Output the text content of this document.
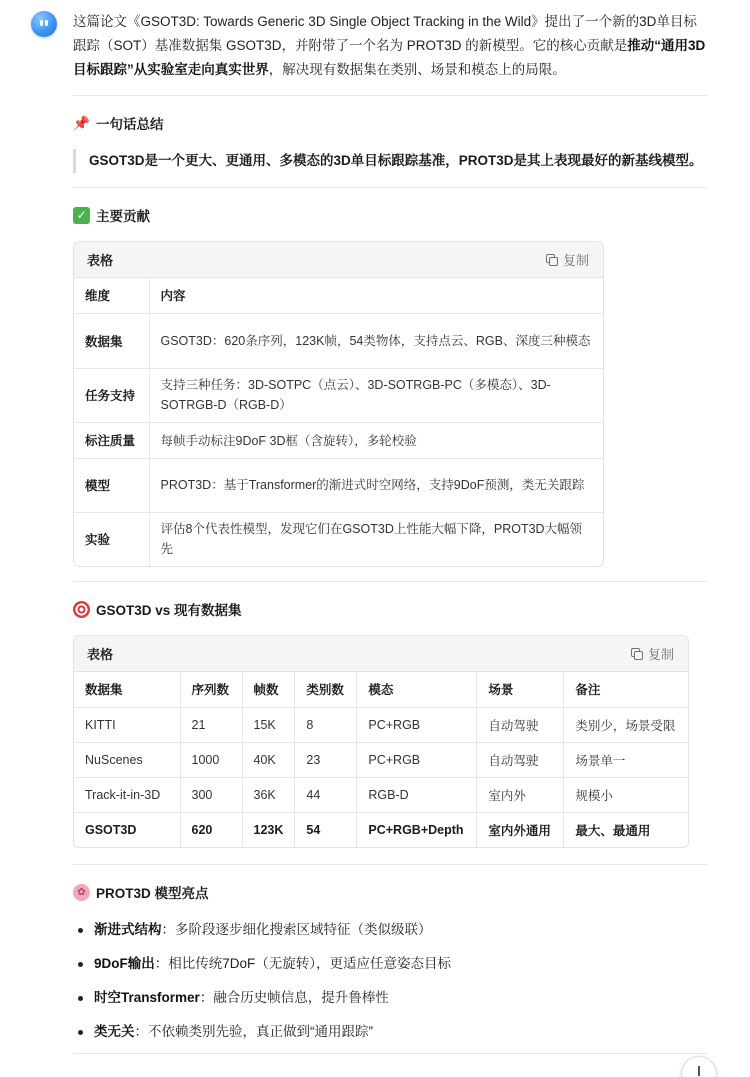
这篇论文《GSOT3D: Towards Generic 3D Single Object Tracking in the Wild》提出了一个新的3D单目标跟踪（SOT）基准数据集 GSOT3D，并附带了一个名为 PROT3D 的新模型。它的核心贡献是推动“通用3D目标跟踪”从实验室走向真实世界，解决现有数据集在类别、场景和模态上的局限。

📌 一句话总结
GSOT3D是一个更大、更通用、多模态的3D单目标跟踪基准，PROT3D是其上表现最好的新基线模型。
✓ 主要贡献
表格	复制
维度	内容
数据集	GSOT3D：620条序列，123K帧，54类物体，支持点云、RGB、深度三种模态
任务支持	支持三种任务：3D-SOTPC（点云）、3D-SOTRGB-PC（多模态）、3D-SOTRGB-D（RGB-D）
标注质量	每帧手动标注9DoF 3D框（含旋转），多轮校验
模型	PROT3D：基于Transformer的渐进式时空网络，支持9DoF预测，类无关跟踪
实验	评估8个代表性模型，发现它们在GSOT3D上性能大幅下降，PROT3D大幅领先
GSOT3D vs 现有数据集
表格	复制
数据集	序列数	帧数	类别数	模态	场景	备注
KITTI	21	15K	8	PC+RGB	自动驾驶	类别少，场景受限
NuScenes	1000	40K	23	PC+RGB	自动驾驶	场景单一
Track-it-in-3D	300	36K	44	RGB-D	室内外	规模小
GSOT3D	620	123K	54	PC+RGB+Depth	室内外通用	最大、最通用
✿ PROT3D 模型亮点
渐进式结构：多阶段逐步细化搜索区域特征（类似级联）
9DoF输出：相比传统7DoF（无旋转），更适应任意姿态目标
时空Transformer：融合历史帧信息，提升鲁棒性
类无关：不依赖类别先验，真正做到“通用跟踪”
